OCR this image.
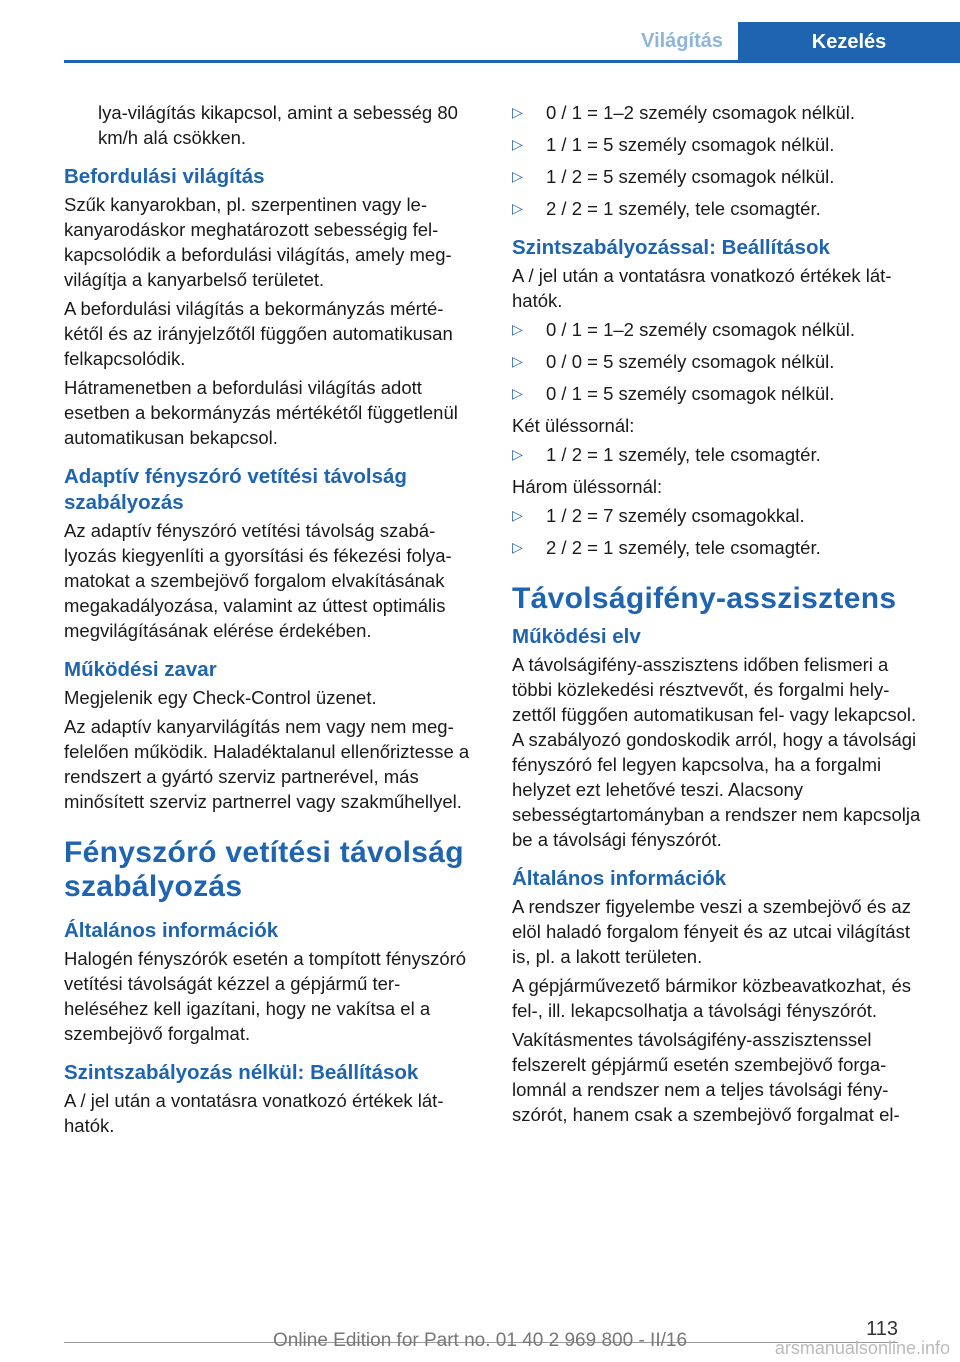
Világítás	Kezelés

lya-világítás kikapcsol, amint a sebesség 80 km/h alá csökken.

Befordulási világítás

Szűk kanyarokban, pl. szerpentinen vagy lekanyarodáskor meghatározott sebességig felkapcsolódik a befordulási világítás, amely megvilágítja a kanyarbelső területet.

A befordulási világítás a bekormányzás mértékétől és az irányjelzőtől függően automatikusan felkapcsolódik.

Hátramenetben a befordulási világítás adott esetben a bekormányzás mértékétől függetlenül automatikusan bekapcsol.

Adaptív fényszóró vetítési távolság szabályozás

Az adaptív fényszóró vetítési távolság szabályozás kiegyenlíti a gyorsítási és fékezési folyamatokat a szembejövő forgalom elvakításának megakadályozása, valamint az úttest optimális megvilágításának elérése érdekében.

Működési zavar

Megjelenik egy Check-Control üzenet.

Az adaptív kanyarvilágítás nem vagy nem megfelelően működik. Haladéktalanul ellenőriztesse a rendszert a gyártó szerviz partnerével, más minősített szerviz partnerrel vagy szakműhellyel.

Fényszóró vetítési távolság szabályozás
Általános információk

Halogén fényszórók esetén a tompított fényszóró vetítési távolságát kézzel a gépjármű terheléséhez kell igazítani, hogy ne vakítsa el a szembejövő forgalmat.

Szintszabályozás nélkül: Beállítások

A / jel után a vontatásra vonatkozó értékek láthatók.

▷ 0 / 1 = 1–2 személy csomagok nélkül.
▷ 1 / 1 = 5 személy csomagok nélkül.
▷ 1 / 2 = 5 személy csomagok nélkül.
▷ 2 / 2 = 1 személy, tele csomagtér.
Szintszabályozással: Beállítások

A / jel után a vontatásra vonatkozó értékek láthatók.

▷ 0 / 1 = 1–2 személy csomagok nélkül.
▷ 0 / 0 = 5 személy csomagok nélkül.
▷ 0 / 1 = 5 személy csomagok nélkül.

Két üléssornál:

▷ 1 / 2 = 1 személy, tele csomagtér.

Három üléssornál:

▷ 1 / 2 = 7 személy csomagokkal.
▷ 2 / 2 = 1 személy, tele csomagtér.
Távolságifény-asszisztens
Működési elv

A távolságifény-asszisztens időben felismeri a többi közlekedési résztvevőt, és forgalmi helyzettől függően automatikusan fel- vagy lekapcsol. A szabályozó gondoskodik arról, hogy a távolsági fényszóró fel legyen kapcsolva, ha a forgalmi helyzet ezt lehetővé teszi. Alacsony sebességtartományban a rendszer nem kapcsolja be a távolsági fényszórót.

Általános információk

A rendszer figyelembe veszi a szembejövő és az elöl haladó forgalom fényeit és az utcai világítást is, pl. a lakott területen.

A gépjárművezető bármikor közbeavatkozhat, és fel-, ill. lekapcsolhatja a távolsági fényszórót.

Vakításmentes távolságifény-asszisztenssel felszerelt gépjármű esetén szembejövő forgalomnál a rendszer nem a teljes távolsági fényszórót, hanem csak a szembejövő forgalmat el-

113
Online Edition for Part no. 01 40 2 969 800 - II/16	arsmanualsonline.info
